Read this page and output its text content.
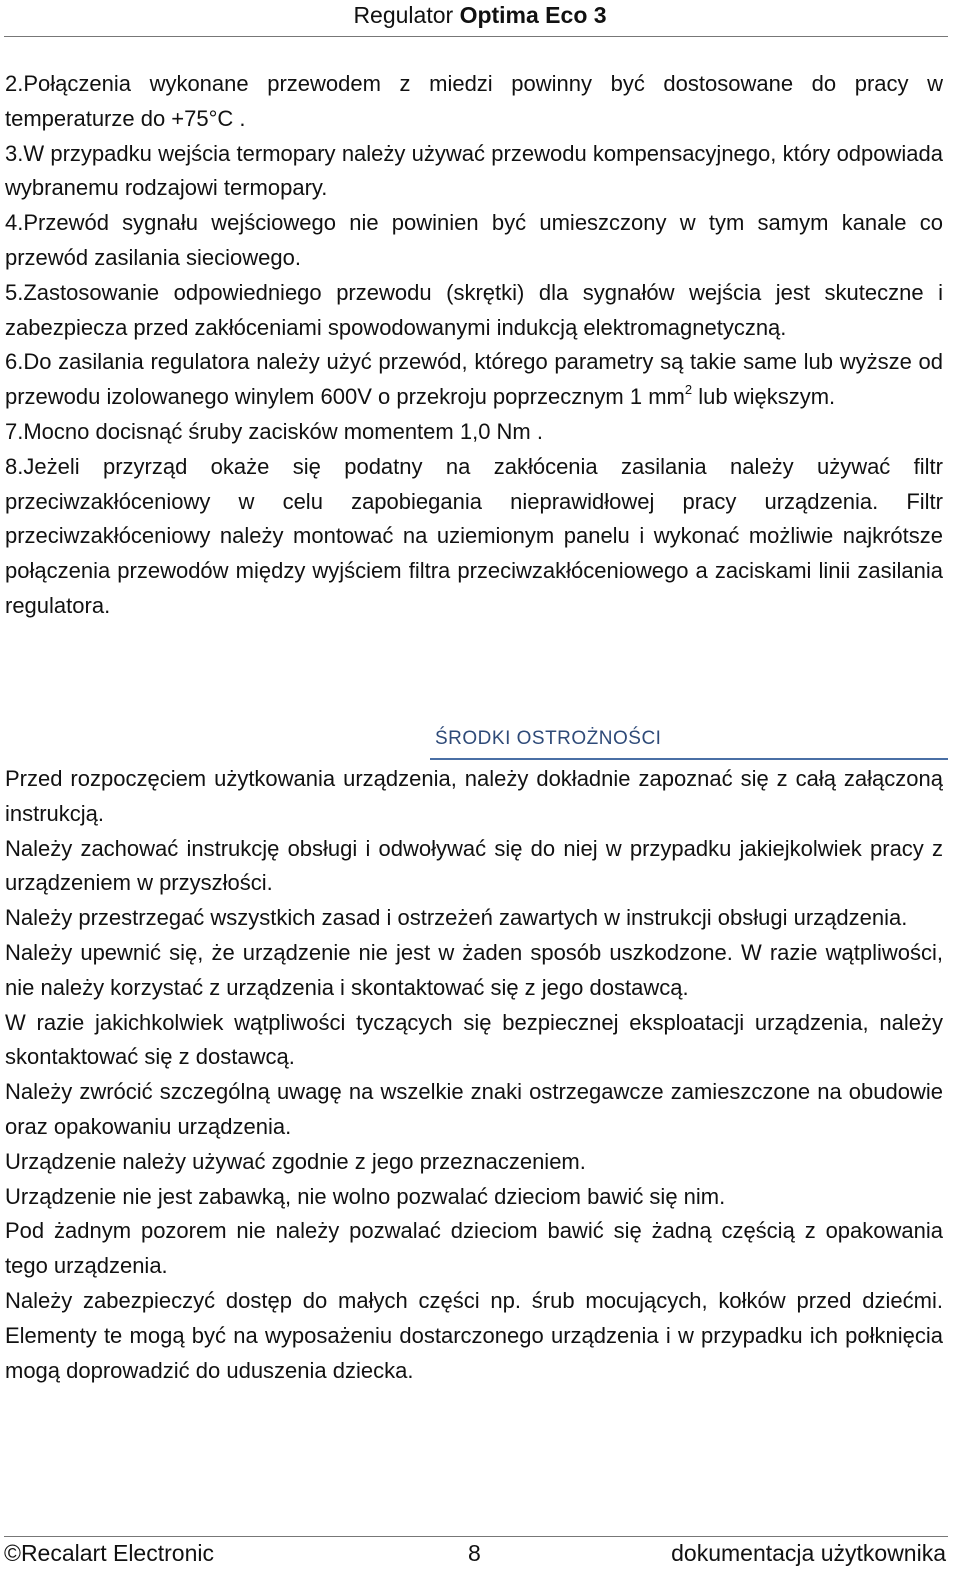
Regulator Optima Eco 3

2.Połączenia wykonane przewodem z miedzi powinny być dostosowane do pracy w temperaturze do +75°C .

3.W przypadku wejścia termopary należy używać przewodu kompensacyjnego, który odpowiada wybranemu rodzajowi termopary.

4.Przewód sygnału wejściowego nie powinien być umieszczony w tym samym kanale co przewód zasilania sieciowego.

5.Zastosowanie odpowiedniego przewodu (skrętki) dla sygnałów wejścia jest skuteczne i zabezpiecza przed zakłóceniami spowodowanymi indukcją elektromagnetyczną.

6.Do zasilania regulatora należy użyć przewód, którego parametry są takie same lub wyższe od przewodu izolowanego winylem 600V o przekroju poprzecznym 1 $mm^2$ lub większym.

7.Mocno docisnąć śruby zacisków momentem 1,0 Nm .

8.Jeżeli przyrząd okaże się podatny na zakłócenia zasilania należy używać filtr przeciwzakłóceniowy w celu zapobiegania nieprawidłowej pracy urządzenia. Filtr przeciwzakłóceniowy należy montować na uziemionym panelu i wykonać możliwie najkrótsze połączenia przewodów między wyjściem filtra przeciwzakłóceniowego a zaciskami linii zasilania regulatora.

ŚRODKI OSTROŻNOŚCI

Przed rozpoczęciem użytkowania urządzenia, należy dokładnie zapoznać się z całą załączoną instrukcją.

Należy zachować instrukcję obsługi i odwoływać się do niej w przypadku jakiejkolwiek pracy z urządzeniem w przyszłości.

Należy przestrzegać wszystkich zasad i ostrzeżeń zawartych w instrukcji obsługi urządzenia.

Należy upewnić się, że urządzenie nie jest w żaden sposób uszkodzone. W razie wątpliwości, nie należy korzystać z urządzenia i skontaktować się z jego dostawcą.

W razie jakichkolwiek wątpliwości tyczących się bezpiecznej eksploatacji urządzenia, należy skontaktować się z dostawcą.

Należy zwrócić szczególną uwagę na wszelkie znaki ostrzegawcze zamieszczone na obudowie oraz opakowaniu urządzenia.

Urządzenie należy używać zgodnie z jego przeznaczeniem.

Urządzenie nie jest zabawką, nie wolno pozwalać dzieciom bawić się nim.

Pod żadnym pozorem nie należy pozwalać dzieciom bawić się żadną częścią z opakowania tego urządzenia.

Należy zabezpieczyć dostęp do małych części np. śrub mocujących, kołków przed dziećmi. Elementy te mogą być na wyposażeniu dostarczonego urządzenia i w przypadku ich połknięcia mogą doprowadzić do uduszenia dziecka.

©Recalart Electronic	8	dokumentacja użytkownika
